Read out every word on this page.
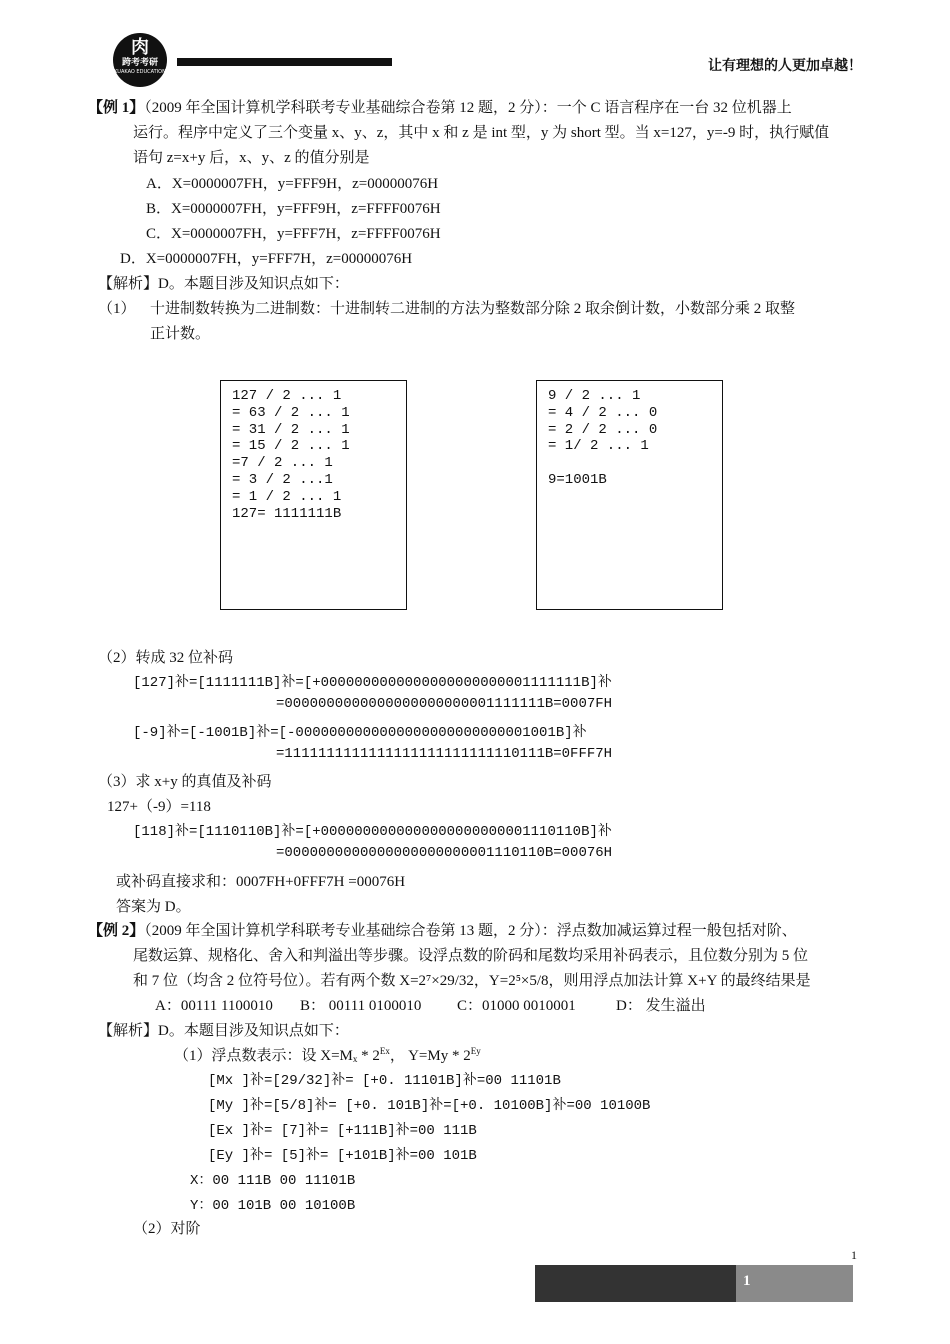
肉
跨考考研
KUAKAO EDUCATION	让有理想的人更加卓越！
【例 1】（2009 年全国计算机学科联考专业基础综合卷第 12 题，2 分）：一个 C 语言程序在一台 32 位机器上
运行。程序中定义了三个变量 x、y、z，其中 x 和 z 是 int 型，y 为 short 型。当 x=127，y=-9 时，执行赋值
语句 z=x+y 后，x、y、z 的值分别是
A．X=0000007FH，y=FFF9H，z=00000076H
B．X=0000007FH，y=FFF9H，z=FFFF0076H
C．X=0000007FH，y=FFF7H，z=FFFF0076H
D．X=0000007FH，y=FFF7H，z=00000076H
【解析】D。本题目涉及知识点如下：
（1） 十进制数转换为二进制数：十进制转二进制的方法为整数部分除 2 取余倒计数，小数部分乘 2 取整
正计数。
127 / 2 ... 1
= 63 / 2 ... 1
= 31 / 2 ... 1
= 15 / 2 ... 1
=7 / 2 ... 1
= 3 / 2 ...1
= 1 / 2 ... 1
127= 1111111B
9 / 2 ... 1
= 4 / 2 ... 0
= 2 / 2 ... 0
= 1/ 2 ... 1

9=1001B
（2）转成 32 位补码
[127]补=[1111111B]补=[+0000000000000000000000001111111B]补
=0000000000000000000000001111111B=0007FH
[-9]补=[-1001B]补=[-0000000000000000000000000001001B]补
=1111111111111111111111111110111B=0FFF7H
（3）求 x+y 的真值及补码
127+（-9）=118
[118]补=[1110110B]补=[+0000000000000000000000001110110B]补
=0000000000000000000000001110110B=00076H
或补码直接求和：0007FH+0FFF7H =00076H
答案为 D。
【例 2】（2009 年全国计算机学科联考专业基础综合卷第 13 题，2 分）：浮点数加减运算过程一般包括对阶、
尾数运算、规格化、舍入和判溢出等步骤。设浮点数的阶码和尾数均采用补码表示，且位数分别为 5 位
和 7 位（均含 2 位符号位）。若有两个数 X=2⁷×29/32，Y=2⁵×5/8，则用浮点加法计算 X+Y 的最终结果是
A：00111 1100010 B： 00111 0100010 C：01000 0010001	D： 发生溢出
【解析】D。本题目涉及知识点如下：
（1）浮点数表示：设 $X=M_x * 2^{Ex}$， $Y=My * 2^{Ey}$
[Mx ]补=[29/32]补= [+0. 11101B]补=00 11101B
[My ]补=[5/8]补= [+0. 101B]补=[+0. 10100B]补=00 10100B
[Ex ]补= [7]补= [+111B]补=00 111B
[Ey ]补= [5]补= [+101B]补=00 101B
X：00 111B 00 11101B
Y：00 101B 00 10100B
（2）对阶
1
1
